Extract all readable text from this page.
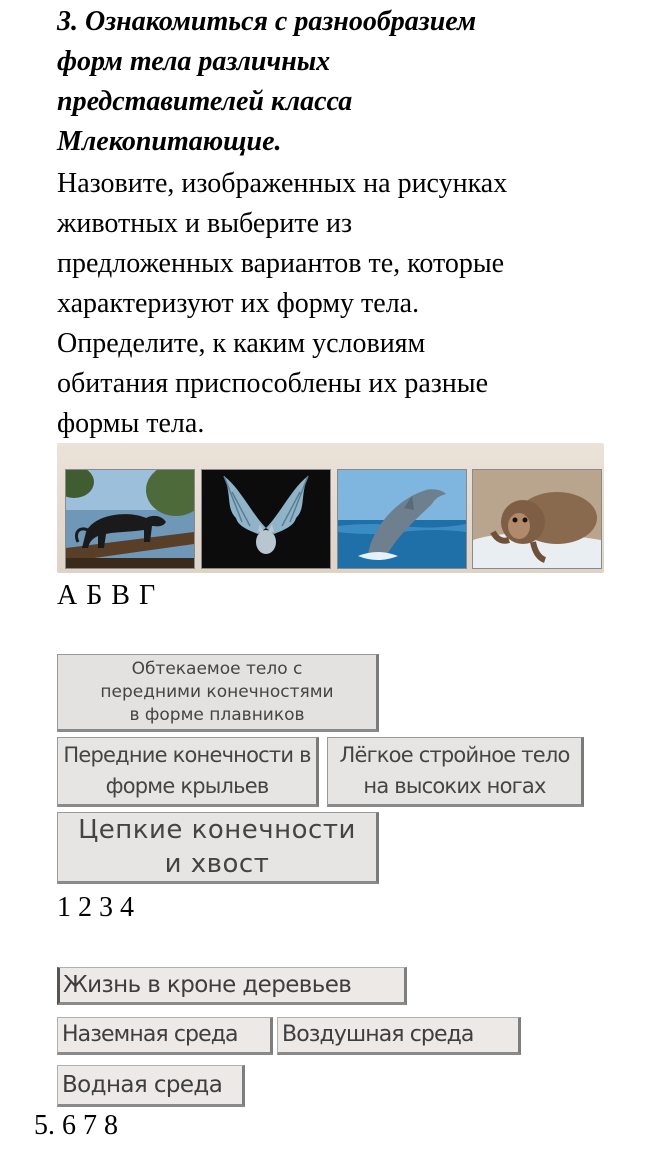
3. Ознакомиться с разнообразием
форм тела различных
представителей класса
Млекопитающие.
Назовите, изображенных на рисунках
животных и выберите из
предложенных вариантов те, которые
характеризуют их форму тела.
Определите, к каким условиям
обитания приспособлены их разные
формы тела.
А Б В Г
Обтекаемое тело с
передними конечностями
в форме плавников
Передние конечности в
форме крыльев
Лёгкое стройное тело
на высоких ногах
Цепкие конечности
и хвост
1 2 3 4
Жизнь в кроне деревьев
Наземная среда	Воздушная среда
Водная среда
5. 6 7 8
